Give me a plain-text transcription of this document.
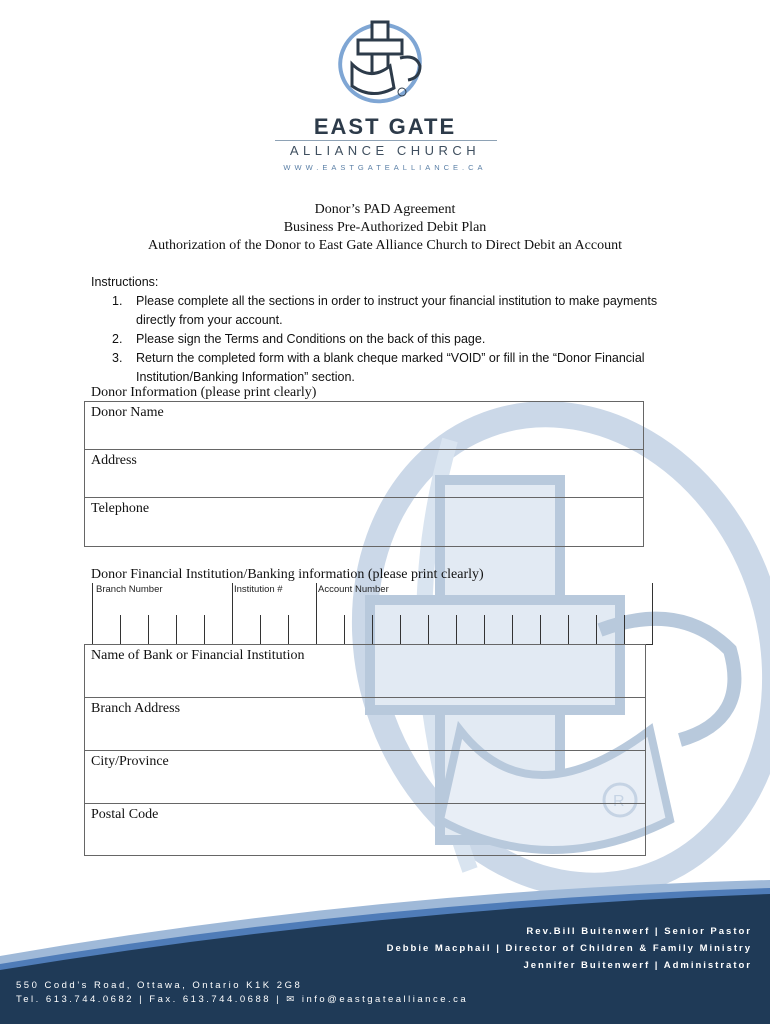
R
EAST GATE
ALLIANCE CHURCH
WWW.EASTGATEALLIANCE.CA
Donor’s PAD Agreement
Business Pre-Authorized Debit Plan
Authorization of the Donor to East Gate Alliance Church to Direct Debit an Account
Instructions:
1. Please complete all the sections in order to instruct your financial institution to make payments directly from your account.
2. Please sign the Terms and Conditions on the back of this page.
3. Return the completed form with a blank cheque marked “VOID” or fill in the “Donor Financial Institution/Banking Information” section.
Donor Information (please print clearly)
Donor Name
Address
Telephone
Donor Financial Institution/Banking information (please print clearly)
Branch Number	Institution #	Account Number
Name of Bank or Financial Institution
Branch Address
City/Province
Postal Code
Rev.Bill Buitenwerf | Senior Pastor
Debbie Macphail | Director of Children & Family Ministry
Jennifer Buitenwerf | Administrator
550 Codd’s Road, Ottawa, Ontario K1K 2G8
Tel. 613.744.0682 | Fax. 613.744.0688 | ✉ info@eastgatealliance.ca
